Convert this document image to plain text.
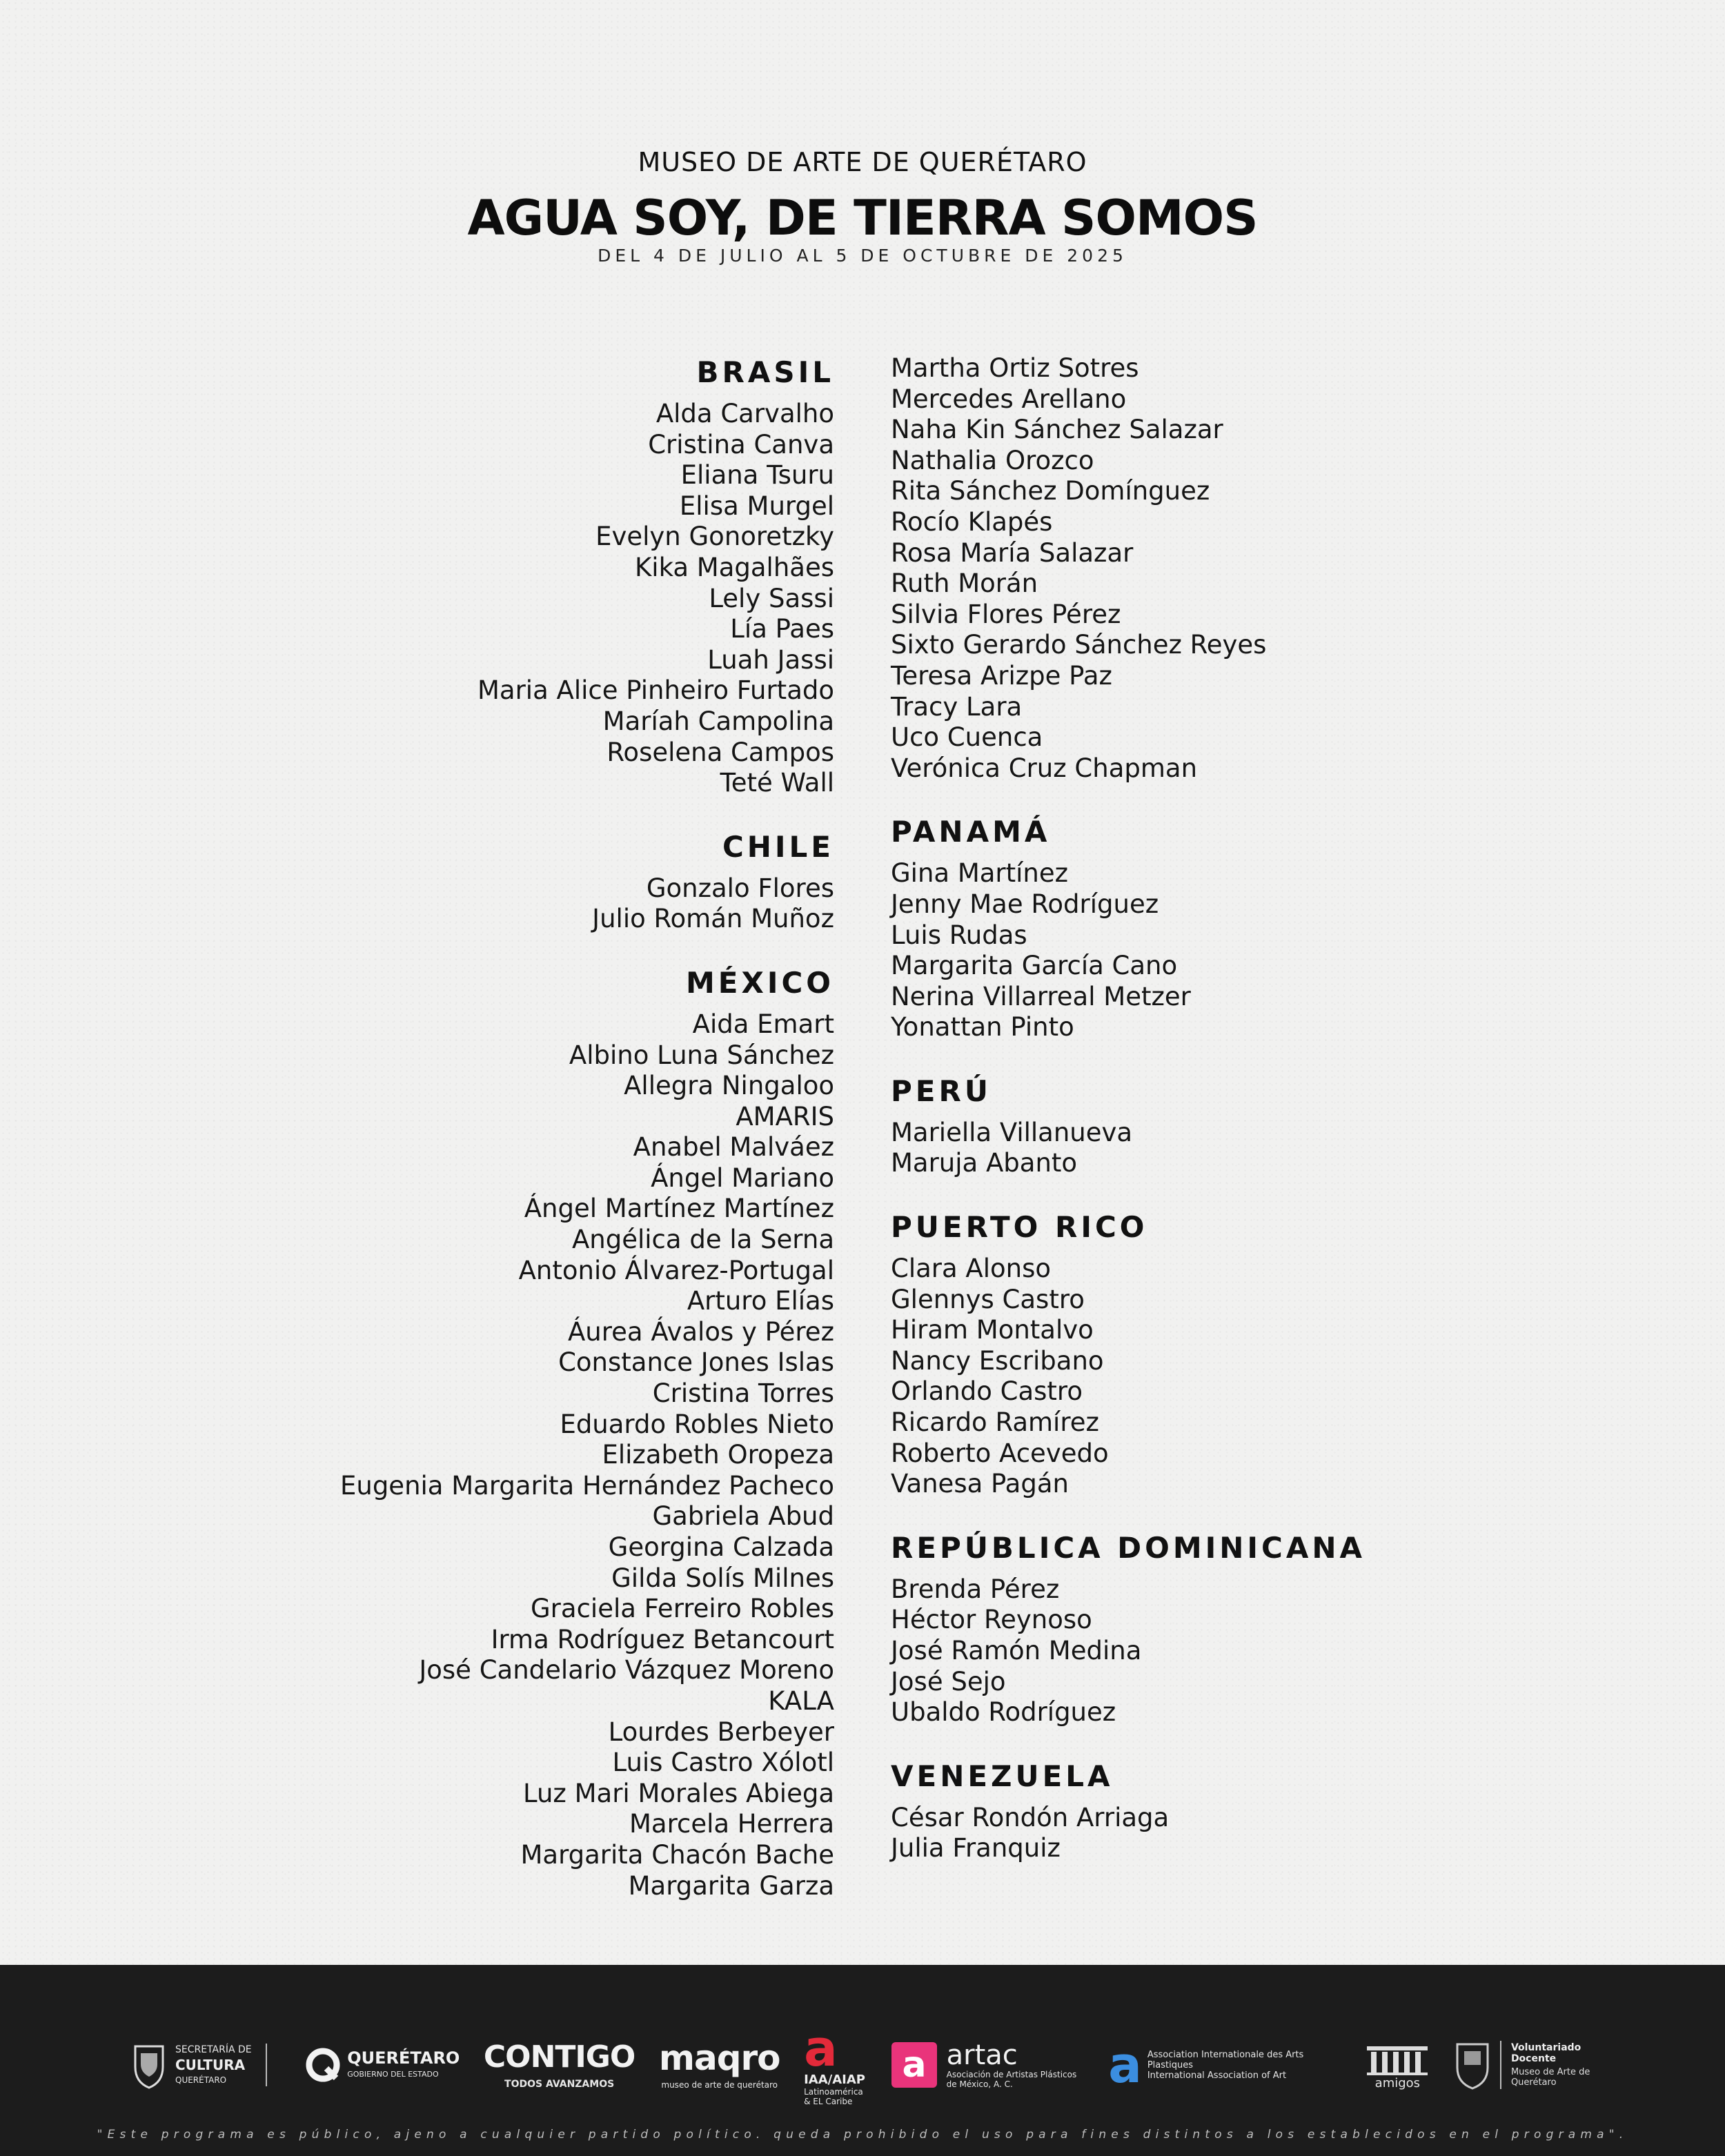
MUSEO DE ARTE DE QUERÉTARO
AGUA SOY, DE TIERRA SOMOS
DEL 4 DE JULIO AL 5 DE OCTUBRE DE 2025
BRASIL
Alda Carvalho
Cristina Canva
Eliana Tsuru
Elisa Murgel
Evelyn Gonoretzky
Kika Magalhães
Lely Sassi
Lía Paes
Luah Jassi
Maria Alice Pinheiro Furtado
Maríah Campolina
Roselena Campos
Teté Wall
CHILE
Gonzalo Flores
Julio Román Muñoz
MÉXICO
Aida Emart
Albino Luna Sánchez
Allegra Ningaloo
AMARIS
Anabel Malváez
Ángel Mariano
Ángel Martínez Martínez
Angélica de la Serna
Antonio Álvarez-Portugal
Arturo Elías
Áurea Ávalos y Pérez
Constance Jones Islas
Cristina Torres
Eduardo Robles Nieto
Elizabeth Oropeza
Eugenia Margarita Hernández Pacheco
Gabriela Abud
Georgina Calzada
Gilda Solís Milnes
Graciela Ferreiro Robles
Irma Rodríguez Betancourt
José Candelario Vázquez Moreno
KALA
Lourdes Berbeyer
Luis Castro Xólotl
Luz Mari Morales Abiega
Marcela Herrera
Margarita Chacón Bache
Margarita Garza
Martha Ortiz Sotres
Mercedes Arellano
Naha Kin Sánchez Salazar
Nathalia Orozco
Rita Sánchez Domínguez
Rocío Klapés
Rosa María Salazar
Ruth Morán
Silvia Flores Pérez
Sixto Gerardo Sánchez Reyes
Teresa Arizpe Paz
Tracy Lara
Uco Cuenca
Verónica Cruz Chapman
PANAMÁ
Gina Martínez
Jenny Mae Rodríguez
Luis Rudas
Margarita García Cano
Nerina Villarreal Metzer
Yonattan Pinto
PERÚ
Mariella Villanueva
Maruja Abanto
PUERTO RICO
Clara Alonso
Glennys Castro
Hiram Montalvo
Nancy Escribano
Orlando Castro
Ricardo Ramírez
Roberto Acevedo
Vanesa Pagán
REPÚBLICA DOMINICANA
Brenda Pérez
Héctor Reynoso
José Ramón Medina
José Sejo
Ubaldo Rodríguez
VENEZUELA
César Rondón Arriaga
Julia Franquiz
SECRETARÍA DE
CULTURA
QUERÉTARO
QUERÉTARO
GOBIERNO DEL ESTADO	CONTIGO
TODOS AVANZAMOS
maqro
museo de arte de querétaro
a
IAA/AIAP
Latinoamérica & EL Caribe
a artac
Asociación de Artistas Plásticos de México, A. C.	a Association Internationale des Arts Plastiques
International Association of Art
amigos
Voluntariado Docente
Museo de Arte de Querétaro
"Este programa es público, ajeno a cualquier partido político. queda prohibido el uso para fines distintos a los establecidos en el programa".
